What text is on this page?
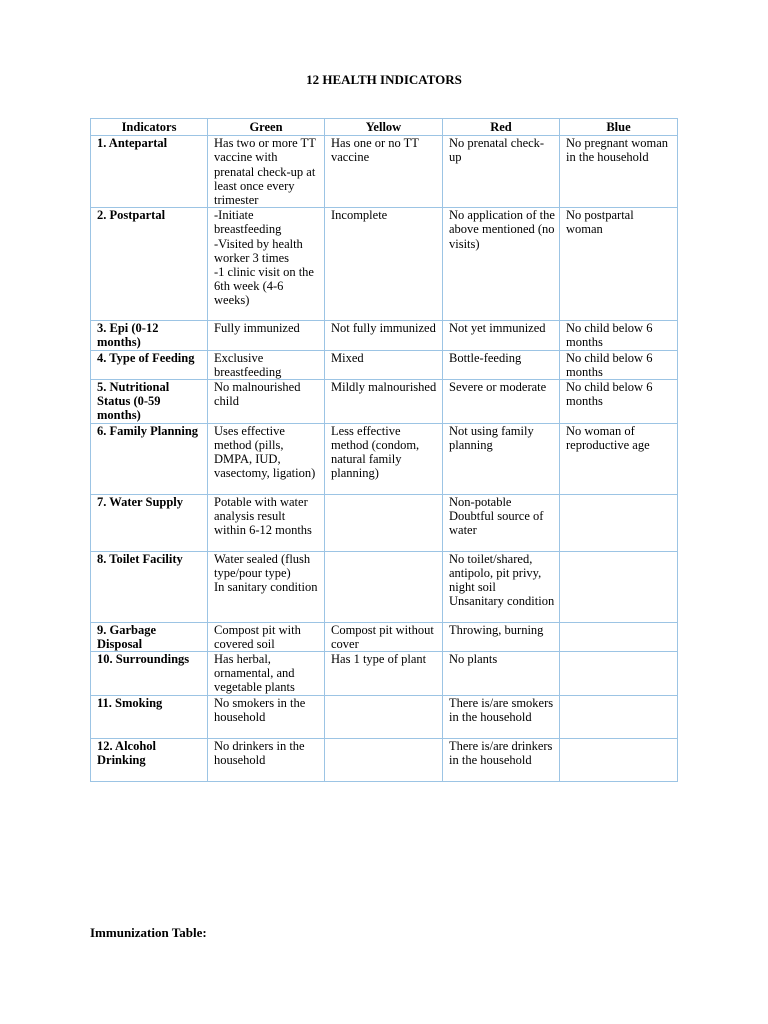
12 HEALTH INDICATORS
Indicators	Green	Yellow	Red	Blue

1. Antepartal	Has two or more TT vaccine with prenatal check-up at least once every trimester	Has one or no TT vaccine	No prenatal check-up	No pregnant woman in the household

2. Postpartal	-Initiate breastfeeding
-Visited by health worker 3 times
-1 clinic visit on the 6th week (4-6 weeks)	Incomplete	No application of the above mentioned (no visits)	No postpartal woman

3. Epi (0-12 months)	Fully immunized	Not fully immunized	Not yet immunized	No child below 6 months

4. Type of Feeding	Exclusive breastfeeding	Mixed	Bottle-feeding	No child below 6 months

5. Nutritional Status (0-59 months)	No malnourished child	Mildly malnourished	Severe or moderate	No child below 6 months

6. Family Planning	Uses effective method (pills, DMPA, IUD, vasectomy, ligation)	Less effective method (condom, natural family planning)	Not using family planning	No woman of reproductive age

7. Water Supply	Potable with water analysis result within 6-12 months		Non-potable
Doubtful source of water	

8. Toilet Facility	Water sealed (flush type/pour type)
In sanitary condition		No toilet/shared, antipolo, pit privy, night soil
Unsanitary condition	

9. Garbage Disposal	Compost pit with covered soil	Compost pit without cover	Throwing, burning	

10. Surroundings	Has herbal, ornamental, and vegetable plants	Has 1 type of plant	No plants	

11. Smoking	No smokers in the household		There is/are smokers in the household	

12. Alcohol Drinking	No drinkers in the household		There is/are drinkers in the household	

Immunization Table:
